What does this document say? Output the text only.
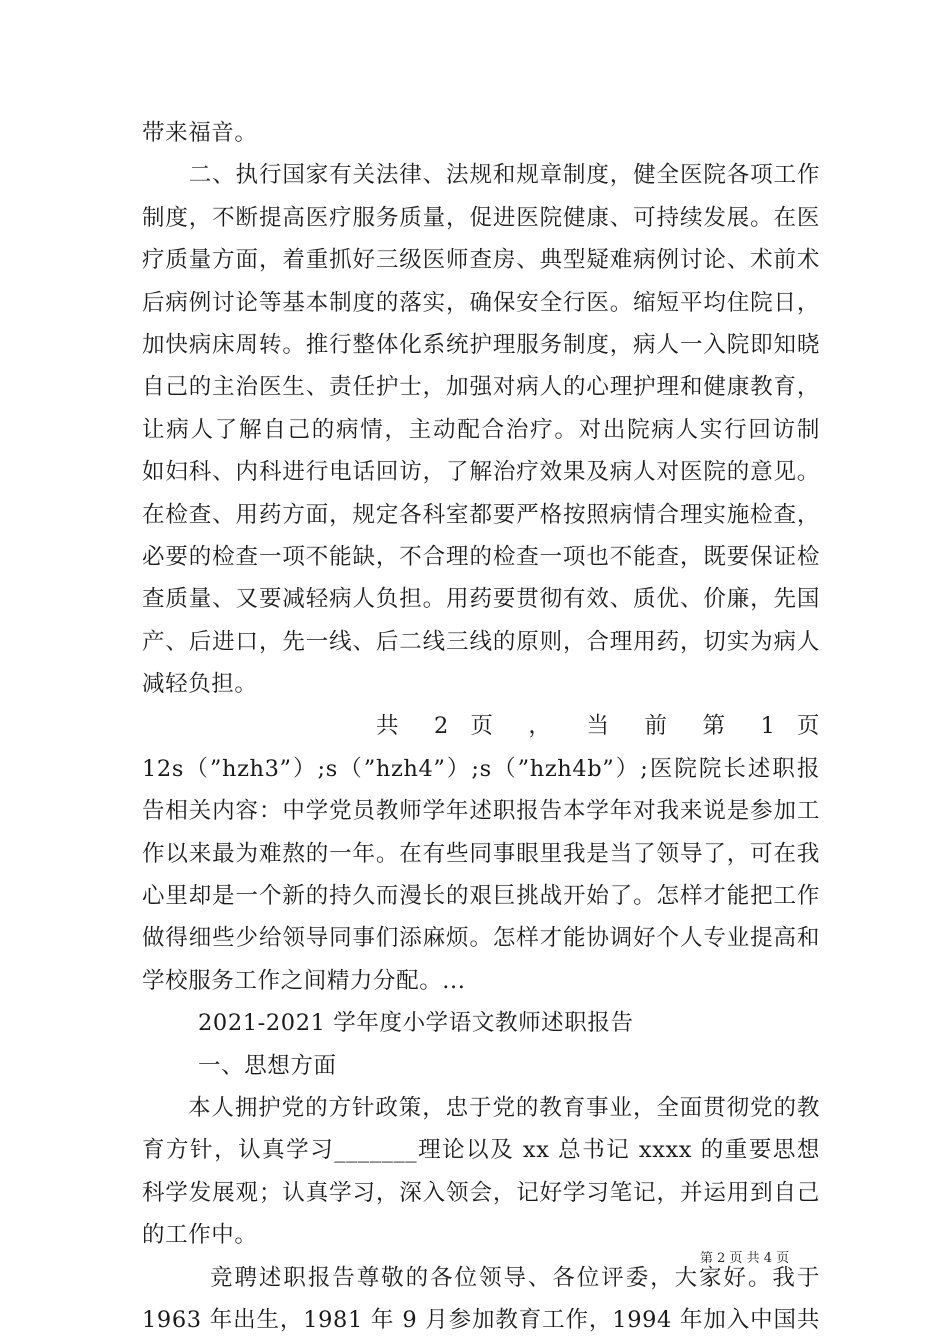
带来福音。
　　二、执行国家有关法律、法规和规章制度，健全医院各项工作
制度，不断提高医疗服务质量，促进医院健康、可持续发展。在医
疗质量方面，着重抓好三级医师查房、典型疑难病例讨论、术前术
后病例讨论等基本制度的落实，确保安全行医。缩短平均住院日，
加快病床周转。推行整体化系统护理服务制度，病人一入院即知晓
自己的主治医生、责任护士，加强对病人的心理护理和健康教育，
让病人了解自己的病情，主动配合治疗。对出院病人实行回访制
如妇科、内科进行电话回访，了解治疗效果及病人对医院的意见。
在检查、用药方面，规定各科室都要严格按照病情合理实施检查，
必要的检查一项不能缺，不合理的检查一项也不能查，既要保证检
查质量、又要减轻病人负担。用药要贯彻有效、质优、价廉，先国
产、后进口，先一线、后二线三线的原则，合理用药，切实为病人
减轻负担。
共 2 页 ， 当 前 第 1 页
12s（”hzh3”）;s（”hzh4”）;s（”hzh4b”）;医院院长述职报
告相关内容：中学党员教师学年述职报告本学年对我来说是参加工
作以来最为难熬的一年。在有些同事眼里我是当了领导了，可在我
心里却是一个新的持久而漫长的艰巨挑战开始了。怎样才能把工作
做得细些少给领导同事们添麻烦。怎样才能协调好个人专业提高和
学校服务工作之间精力分配。...
2021-2021 学年度小学语文教师述职报告
一、思想方面
本人拥护党的方针政策，忠于党的教育事业，全面贯彻党的教
育方针，认真学习_______理论以及 xx 总书记 xxxx 的重要思想
科学发展观；认真学习，深入领会，记好学习笔记，并运用到自己
的工作中。
竞聘述职报告尊敬的各位领导、各位评委，大家好。我于
1963 年出生，1981 年 9 月参加教育工作，1994 年加入中国共
第 2 页 共 4 页
